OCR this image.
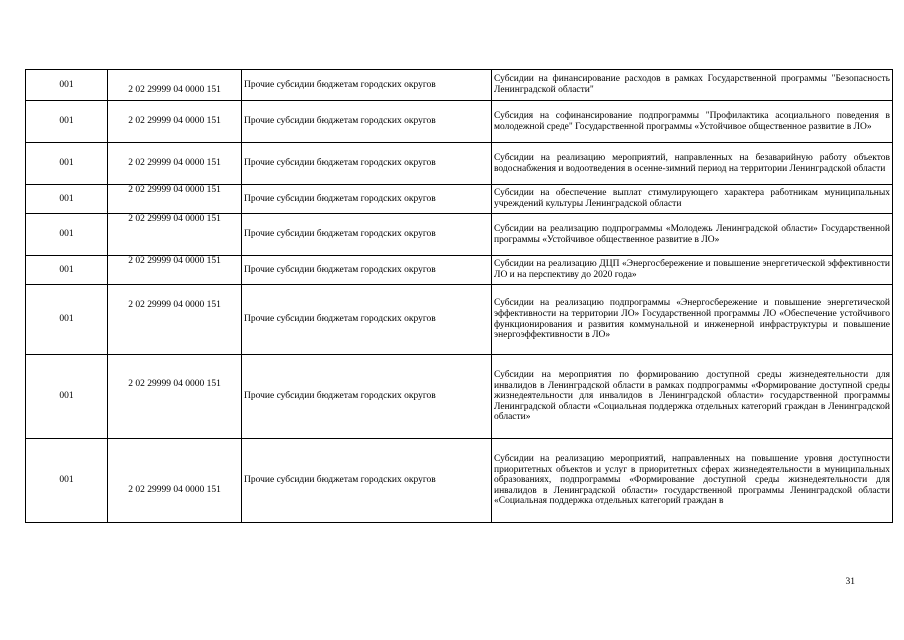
001	2 02 29999 04 0000 151	Прочие субсидии бюджетам городских округов	Субсидии на финансирование расходов в рамках Государственной программы "Безопасность Ленинградской области"
001	2 02 29999 04 0000 151	Прочие субсидии бюджетам городских округов	Субсидия на софинансирование подпрограммы "Профилактика асоциального поведения в молодежной среде" Государственной программы «Устойчивое общественное развитие в ЛО»
001	2 02 29999 04 0000 151	Прочие субсидии бюджетам городских округов	Субсидии на реализацию мероприятий, направленных на безаварийную работу объектов водоснабжения и водоотведения в осенне-зимний период на территории Ленинградской области
001	2 02 29999 04 0000 151	Прочие субсидии бюджетам городских округов	Субсидии на обеспечение выплат стимулирующего характера работникам муниципальных учреждений культуры Ленинградской области
001	2 02 29999 04 0000 151	Прочие субсидии бюджетам городских округов	Субсидии на реализацию подпрограммы «Молодежь Ленинградской области» Государственной программы «Устойчивое общественное развитие в ЛО»
001	2 02 29999 04 0000 151	Прочие субсидии бюджетам городских округов	Субсидии на реализацию ДЦП «Энергосбережение и повышение энергетической эффективности ЛО и на перспективу до 2020 года»
001	2 02 29999 04 0000 151	Прочие субсидии бюджетам городских округов	Субсидии на реализацию подпрограммы «Энергосбережение и повышение энергетической эффективности на территории ЛО» Государственной программы ЛО «Обеспечение устойчивого функционирования и развития коммунальной и инженерной инфраструктуры и повышение энергоэффективности в ЛО»
001	2 02 29999 04 0000 151	Прочие субсидии бюджетам городских округов	Субсидии на мероприятия по формированию доступной среды жизнедеятельности для инвалидов в Ленинградской области в рамках подпрограммы «Формирование доступной среды жизнедеятельности для инвалидов в Ленинградской области» государственной программы Ленинградской области «Социальная поддержка отдельных категорий граждан в Ленинградской области»
001	2 02 29999 04 0000 151	Прочие субсидии бюджетам городских округов	Субсидии на реализацию мероприятий, направленных на повышение уровня доступности приоритетных объектов и услуг в приоритетных сферах жизнедеятельности в муниципальных образованиях, подпрограммы «Формирование доступной среды жизнедеятельности для инвалидов в Ленинградской области» государственной программы Ленинградской области «Социальная поддержка отдельных категорий граждан в
31
